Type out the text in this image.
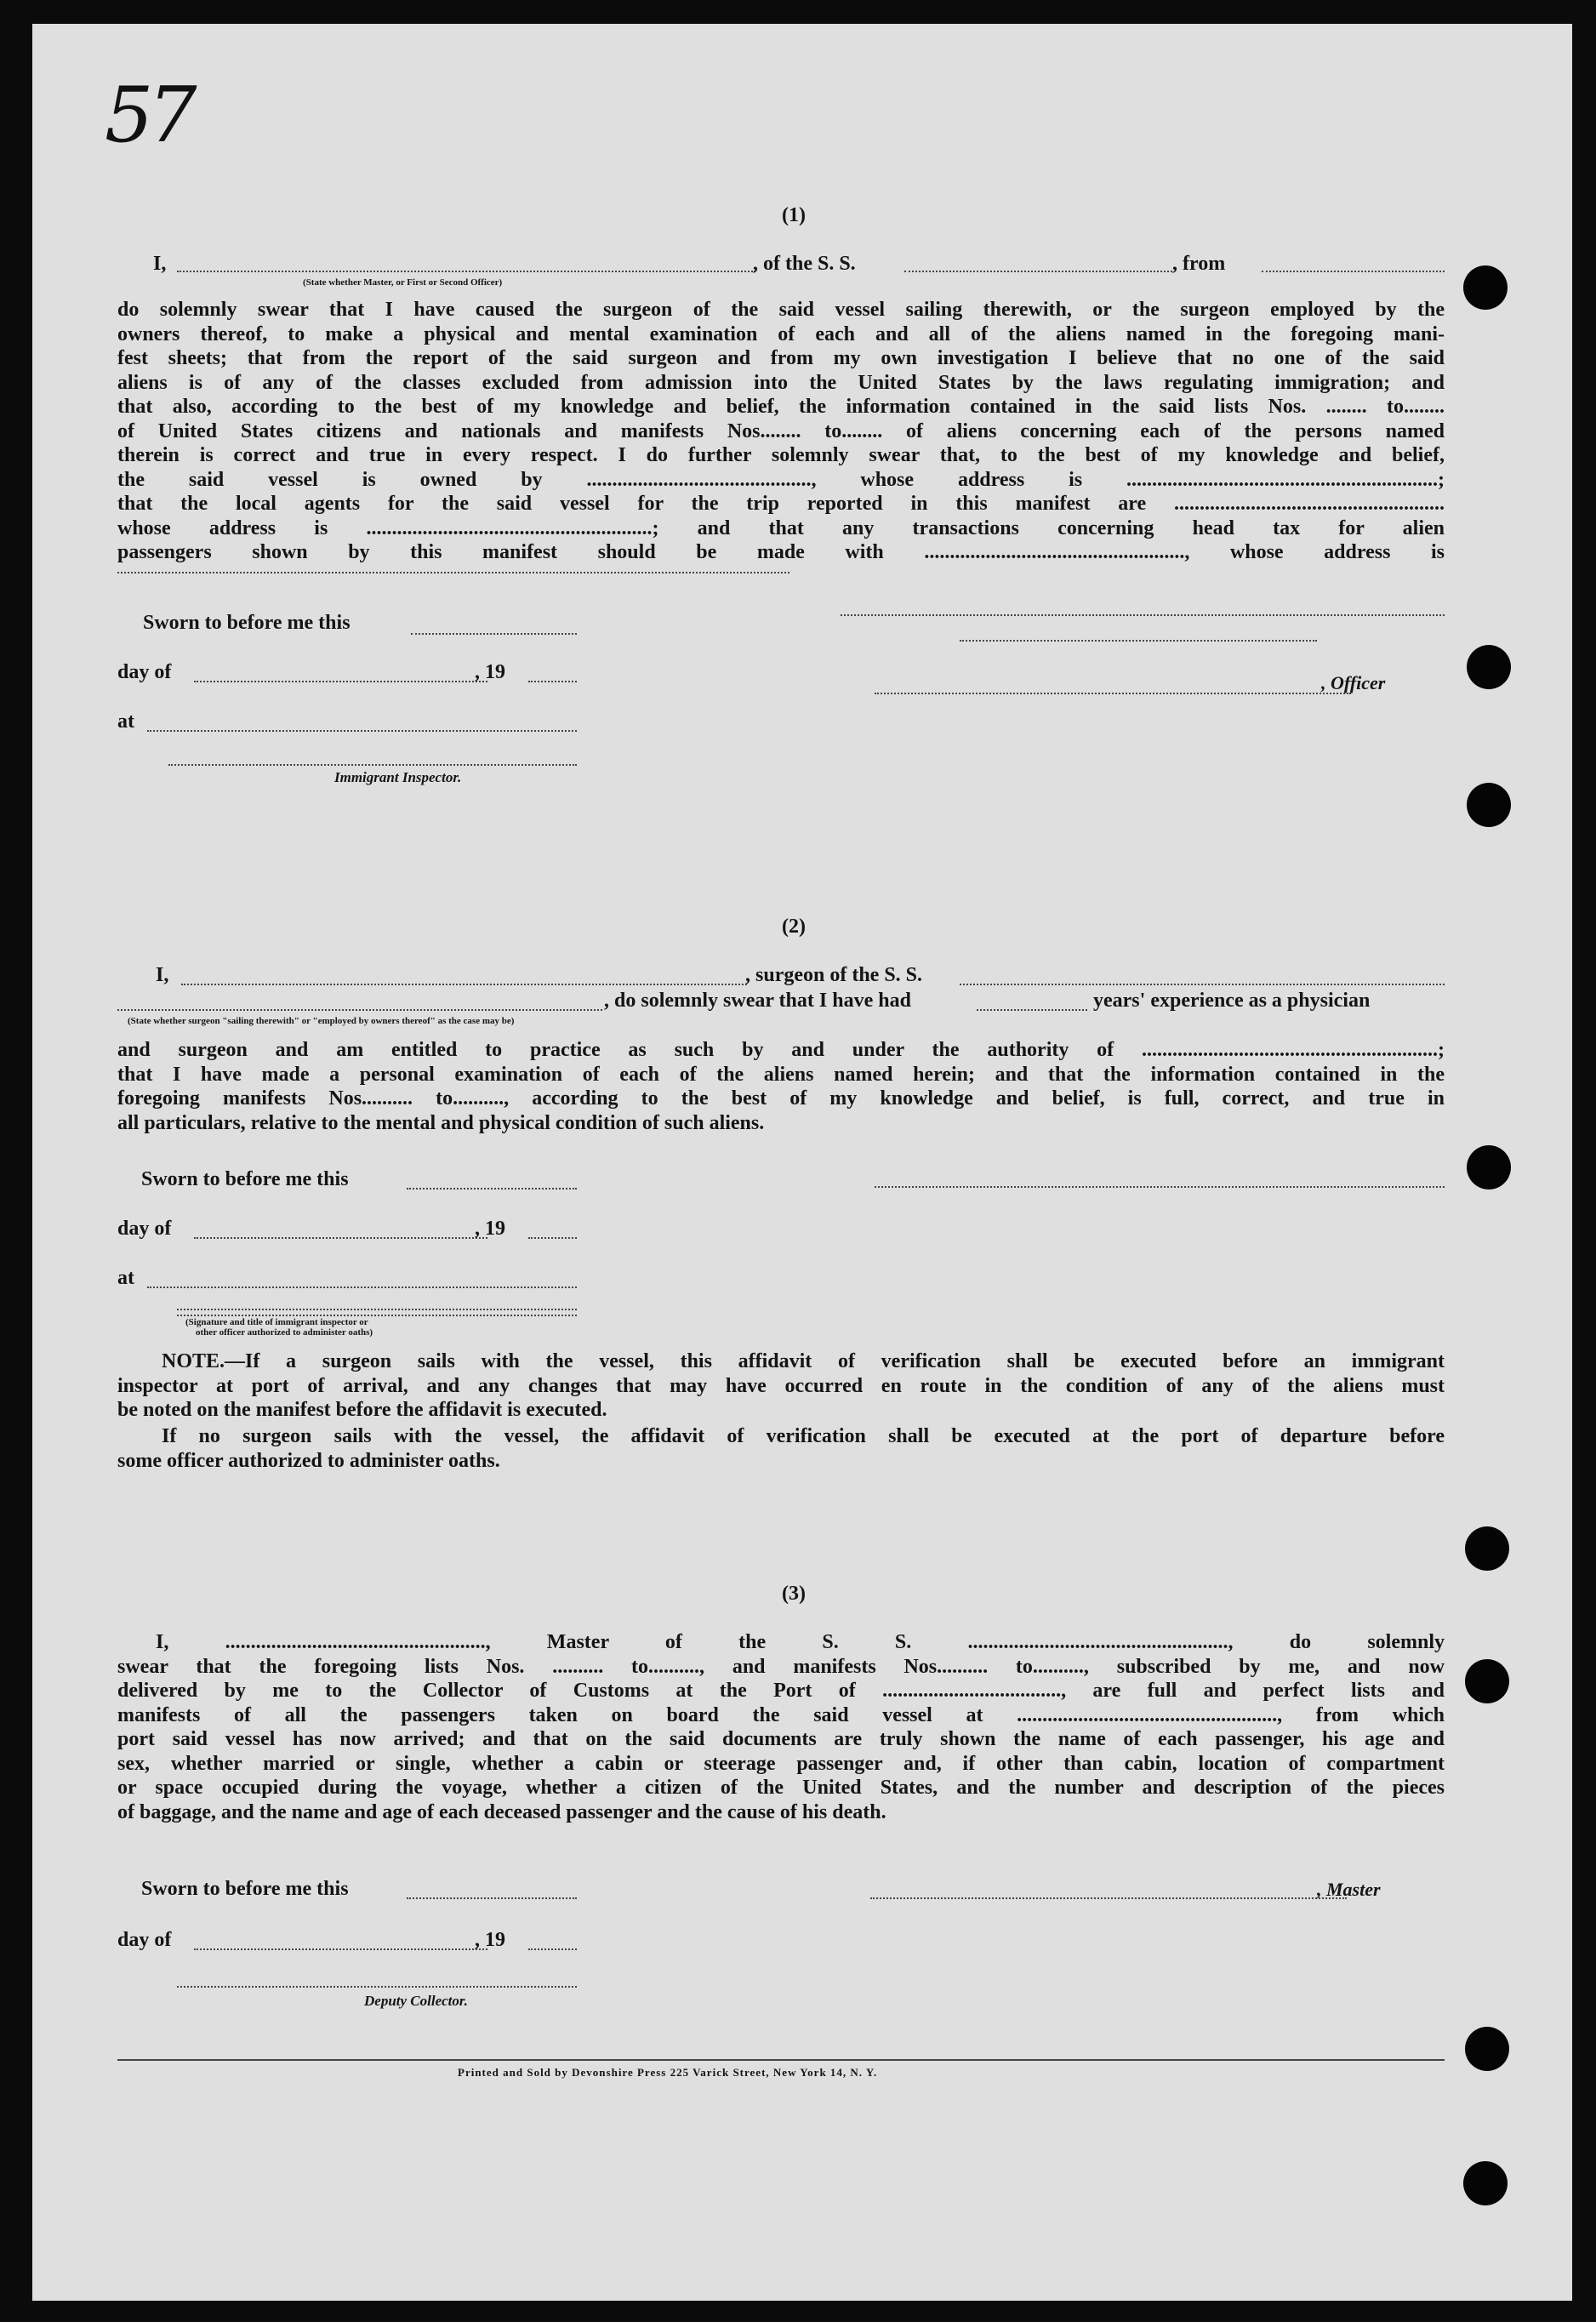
57

(1)
I,	, of the S. S.	, from
(State whether Master, or First or Second Officer)

do solemnly swear that I have caused the surgeon of the said vessel sailing therewith, or the surgeon employed by the

owners thereof, to make a physical and mental examination of each and all of the aliens named in the foregoing mani-

fest sheets; that from the report of the said surgeon and from my own investigation I believe that no one of the said

aliens is of any of the classes excluded from admission into the United States by the laws regulating immigration; and

that also, according to the best of my knowledge and belief, the information contained in the said lists Nos. ........ to........

of United States citizens and nationals and manifests Nos........ to........ of aliens concerning each of the persons named

therein is correct and true in every respect. I do further solemnly swear that, to the best of my knowledge and belief,

the said vessel is owned by ............................................, whose address is .............................................................;

that the local agents for the said vessel for the trip reported in this manifest are .....................................................

whose address is ........................................................; and that any transactions concerning head tax for alien

passengers shown by this manifest should be made with ..................................................., whose address is

Sworn to before me this
day of	, 19	, Officer
at
Immigrant Inspector.
(2)
I,	, surgeon of the S. S.
, do solemnly swear that I have had	years' experience as a physician
(State whether surgeon "sailing therewith" or "employed by owners thereof" as the case may be)

and surgeon and am entitled to practice as such by and under the authority of ..........................................................;

that I have made a personal examination of each of the aliens named herein; and that the information contained in the

foregoing manifests Nos.......... to.........., according to the best of my knowledge and belief, is full, correct, and true in

all particulars, relative to the mental and physical condition of such aliens.

Sworn to before me this
day of	, 19
at
(Signature and title of immigrant inspector or
other officer authorized to administer oaths)

NOTE.—If a surgeon sails with the vessel, this affidavit of verification shall be executed before an immigrant

inspector at port of arrival, and any changes that may have occurred en route in the condition of any of the aliens must

be noted on the manifest before the affidavit is executed.

If no surgeon sails with the vessel, the affidavit of verification shall be executed at the port of departure before

some officer authorized to administer oaths.

(3)

I, ..................................................., Master of the S. S. ..................................................., do solemnly

swear that the foregoing lists Nos. .......... to.........., and manifests Nos.......... to.........., subscribed by me, and now

delivered by me to the Collector of Customs at the Port of ..................................., are full and perfect lists and

manifests of all the passengers taken on board the said vessel at ..................................................., from which

port said vessel has now arrived; and that on the said documents are truly shown the name of each passenger, his age and

sex, whether married or single, whether a cabin or steerage passenger and, if other than cabin, location of compartment

or space occupied during the voyage, whether a citizen of the United States, and the number and description of the pieces

of baggage, and the name and age of each deceased passenger and the cause of his death.

Sworn to before me this	, Master
day of	, 19
Deputy Collector.
Printed and Sold by Devonshire Press 225 Varick Street, New York 14, N. Y.
